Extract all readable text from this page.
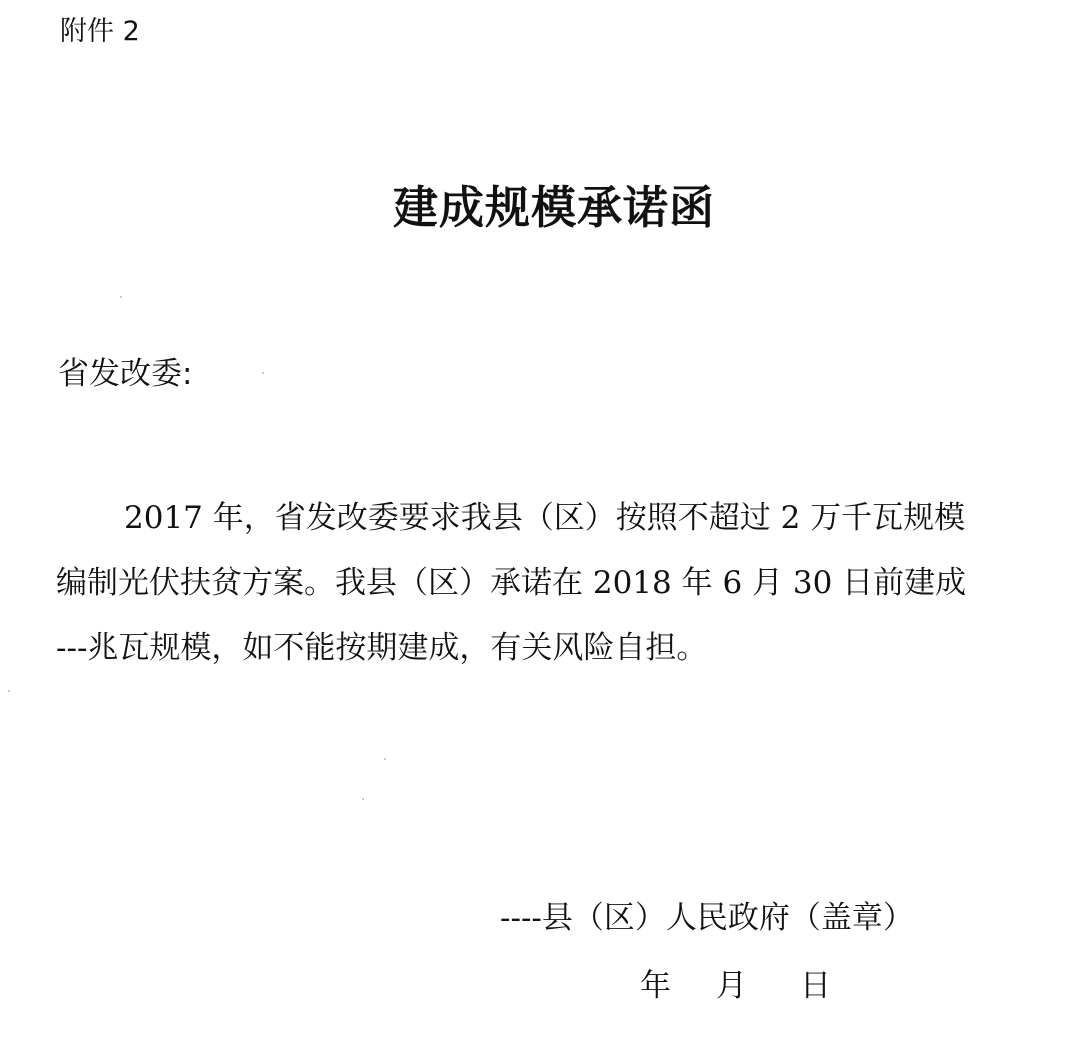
附件 2

建成规模承诺函

省发改委:

2017 年，省发改委要求我县（区）按照不超过 2 万千瓦规模
编制光伏扶贫方案。我县（区）承诺在 2018 年 6 月 30 日前建成
---兆瓦规模，如不能按期建成，有关风险自担。

----县（区）人民政府（盖章）

年 月 日
